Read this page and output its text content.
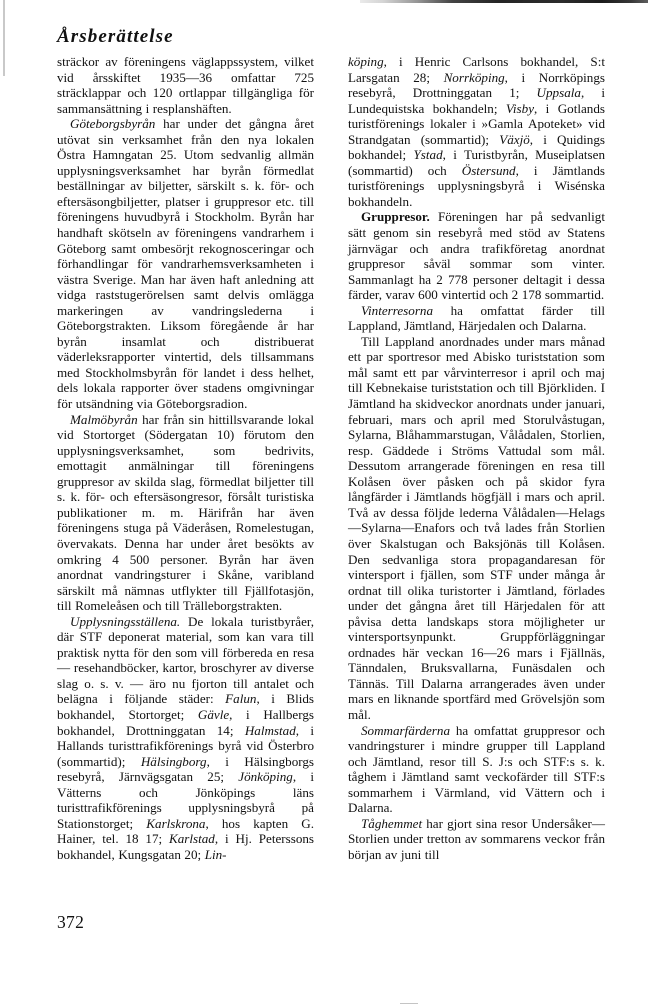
Årsberättelse

sträckor av föreningens väglappssystem, vilket vid årsskiftet 1935—36 omfattar 725 sträcklappar och 120 ortlappar tillgängliga för sammansättning i resplanshäften.

Göteborgsbyrån har under det gångna året utövat sin verksamhet från den nya lokalen Östra Hamngatan 25. Utom sedvanlig allmän upplysningsverksamhet har byrån förmedlat beställningar av biljetter, särskilt s. k. för- och eftersäsongbiljetter, platser i gruppresor etc. till föreningens huvudbyrå i Stockholm. Byrån har handhaft skötseln av föreningens vandrarhem i Göteborg samt ombesörjt rekognosceringar och förhandlingar för vandrarhemsverksamheten i västra Sverige. Man har även haft anledning att vidga raststugerörelsen samt delvis omlägga markeringen av vandringslederna i Göteborgstrakten. Liksom föregående år har byrån insamlat och distribuerat väderleksrapporter vintertid, dels tillsammans med Stockholmsbyrån för landet i dess helhet, dels lokala rapporter över stadens omgivningar för utsändning via Göteborgsradion.

Malmöbyrån har från sin hittillsvarande lokal vid Stortorget (Södergatan 10) förutom den upplysningsverksamhet, som bedrivits, emottagit anmälningar till föreningens gruppresor av skilda slag, förmedlat biljetter till s. k. för- och eftersäsongresor, försålt turistiska publikationer m. m. Härifrån har även föreningens stuga på Väderåsen, Romelestugan, övervakats. Denna har under året besökts av omkring 4 500 personer. Byrån har även anordnat vandringsturer i Skåne, varibland särskilt må nämnas utflykter till Fjällfotasjön, till Romeleåsen och till Trälleborgstrakten.

Upplysningsställena. De lokala turistbyråer, där STF deponerat material, som kan vara till praktisk nytta för den som vill förbereda en resa — resehandböcker, kartor, broschyrer av diverse slag o. s. v. — äro nu fjorton till antalet och belägna i följande städer: Falun, i Blids bokhandel, Stortorget; Gävle, i Hallbergs bokhandel, Drottninggatan 14; Halmstad, i Hallands turisttrafikförenings byrå vid Österbro (sommartid); Hälsingborg, i Hälsingborgs resebyrå, Järnvägsgatan 25; Jönköping, i Vätterns och Jönköpings läns turisttrafikförenings upplysningsbyrå på Stationstorget; Karlskrona, hos kapten G. Hainer, tel. 18 17; Karlstad, i Hj. Peterssons bokhandel, Kungsgatan 20; Lin-

köping, i Henric Carlsons bokhandel, S:t Larsgatan 28; Norrköping, i Norrköpings resebyrå, Drottninggatan 1; Uppsala, i Lundequistska bokhandeln; Visby, i Gotlands turistförenings lokaler i »Gamla Apoteket» vid Strandgatan (sommartid); Växjö, i Quidings bokhandel; Ystad, i Turistbyrån, Museiplatsen (sommartid) och Östersund, i Jämtlands turistförenings upplysningsbyrå i Wisénska bokhandeln.

Gruppresor. Föreningen har på sedvanligt sätt genom sin resebyrå med stöd av Statens järnvägar och andra trafikföretag anordnat gruppresor såväl sommar som vinter. Sammanlagt ha 2 778 personer deltagit i dessa färder, varav 600 vintertid och 2 178 sommartid.

Vinterresorna ha omfattat färder till Lappland, Jämtland, Härjedalen och Dalarna.

Till Lappland anordnades under mars månad ett par sportresor med Abisko turiststation som mål samt ett par vårvinterresor i april och maj till Kebnekaise turiststation och till Björkliden. I Jämtland ha skidveckor anordnats under januari, februari, mars och april med Storulvåstugan, Sylarna, Blåhammarstugan, Vålådalen, Storlien, resp. Gäddede i Ströms Vattudal som mål. Dessutom arrangerade föreningen en resa till Kolåsen över påsken och på skidor fyra långfärder i Jämtlands högfjäll i mars och april. Två av dessa följde lederna Vålådalen—Helags—Sylarna—Enafors och två lades från Storlien över Skalstugan och Baksjönäs till Kolåsen. Den sedvanliga stora propagandaresan för vintersport i fjällen, som STF under många år ordnat till olika turistorter i Jämtland, förlades under det gångna året till Härjedalen för att påvisa detta landskaps stora möjligheter ur vintersportsynpunkt. Gruppförläggningar ordnades här veckan 16—26 mars i Fjällnäs, Tänndalen, Bruksvallarna, Funäsdalen och Tännäs. Till Dalarna arrangerades även under mars en liknande sportfärd med Grövelsjön som mål.

Sommarfärderna ha omfattat gruppresor och vandringsturer i mindre grupper till Lappland och Jämtland, resor till S. J:s och STF:s s. k. tåghem i Jämtland samt veckofärder till STF:s sommarhem i Värmland, vid Vättern och i Dalarna.

Tåghemmet har gjort sina resor Undersåker—Storlien under tretton av sommarens veckor från början av juni till

372
